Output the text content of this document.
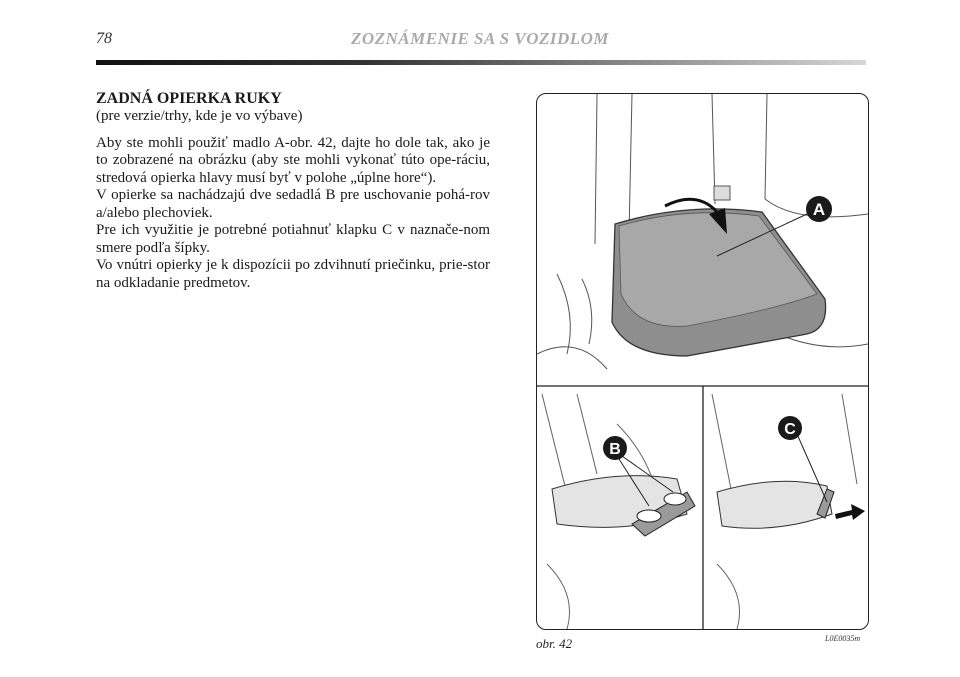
78	ZOZNÁMENIE SA S VOZIDLOM
ZADNÁ OPIERKA RUKY
(pre verzie/trhy, kde je vo výbave)

Aby ste mohli použiť madlo A-obr. 42, dajte ho dole tak, ako je to zobrazené na obrázku (aby ste mohli vykonať túto ope-ráciu, stredová opierka hlavy musí byť v polohe „úplne hore“).

V opierke sa nachádzajú dve sedadlá B pre uschovanie pohá-rov a/alebo plechoviek.

Pre ich využitie je potrebné potiahnuť klapku C v naznače-nom smere podľa šípky.

Vo vnútri opierky je k dispozícii po zdvihnutí priečinku, prie-stor na odkladanie predmetov.

A
B
C
obr. 42	L0E0035m
